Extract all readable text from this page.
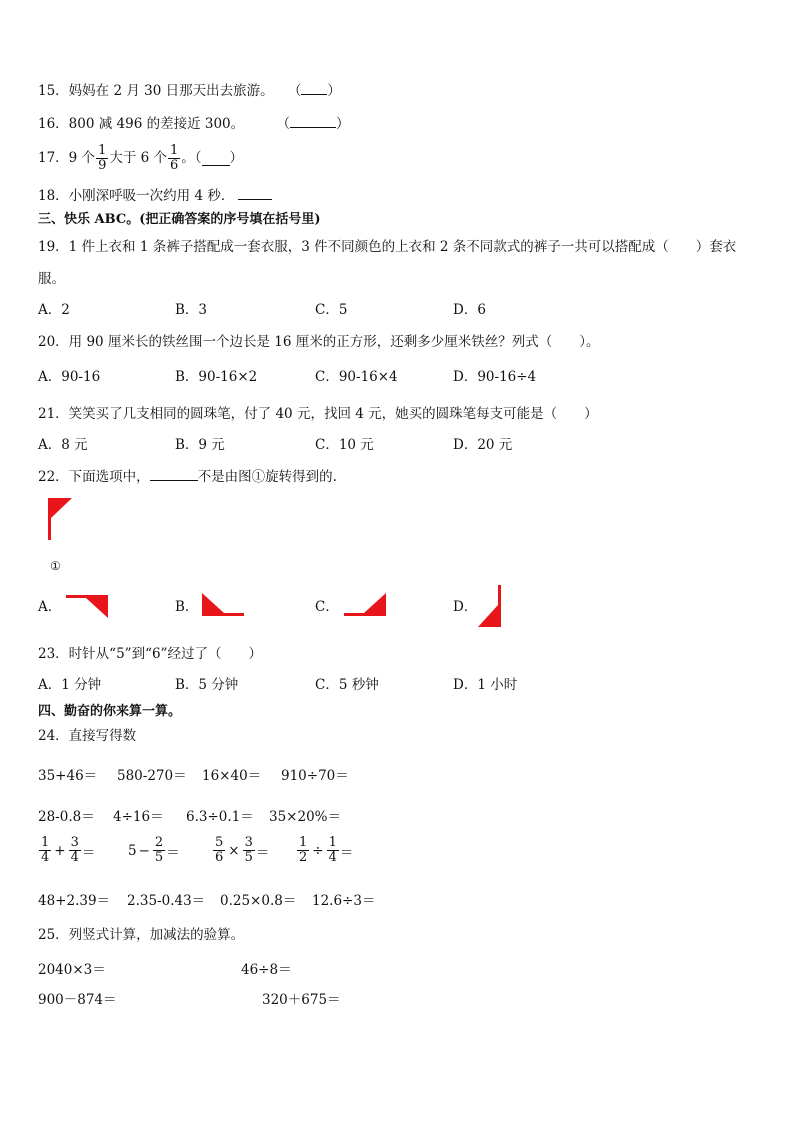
15．妈妈在 2 月 30 日那天出去旅游。 （ ）
16．800 减 496 的差接近 300。 （	）
17．9 个 $\frac{1}{9}$ 大于 6 个 $\frac{1}{6}$ 。（ ）
18．小刚深呼吸一次约用 4 秒．
三、快乐 ABC。(把正确答案的序号填在括号里)
19．1 件上衣和 1 条裤子搭配成一套衣服，3 件不同颜色的上衣和 2 条不同款式的裤子一共可以搭配成（　　）套衣
服。
A．2	B．3	C．5	D．6
20．用 90 厘米长的铁丝围一个边长是 16 厘米的正方形，还剩多少厘米铁丝？列式（　　）。
A．90-16	B．90-16×2	C．90-16×4	D．90-16÷4
21．笑笑买了几支相同的圆珠笔，付了 40 元，找回 4 元，她买的圆珠笔每支可能是（　　）
A．8 元	B．9 元	C．10 元	D．20 元
22．下面选项中，	不是由图①旋转得到的.
①
A．	B．	C．	D．
23．时针从“5”到“6”经过了（　　）
A．1 分钟	B．5 分钟	C．5 秒钟	D．1 小时
四、勤奋的你来算一算。
24．直接写得数
35+46＝ 580-270＝ 16×40＝ 910÷70＝
28-0.8＝ 4÷16＝ 6.3÷0.1＝ 35×20%＝
$\frac{1}{4} + \frac{3}{4} = 5 - \frac{2}{5}$ ＝	$\frac{5}{6} \times \frac{3}{5} = \frac{1}{2} \div \frac{1}{4}$ ＝
48+2.39＝ 2.35-0.43＝ 0.25×0.8＝ 12.6÷3＝
25．列竖式计算，加减法的验算。
2040×3＝	46÷8＝
900－874＝	320＋675＝
